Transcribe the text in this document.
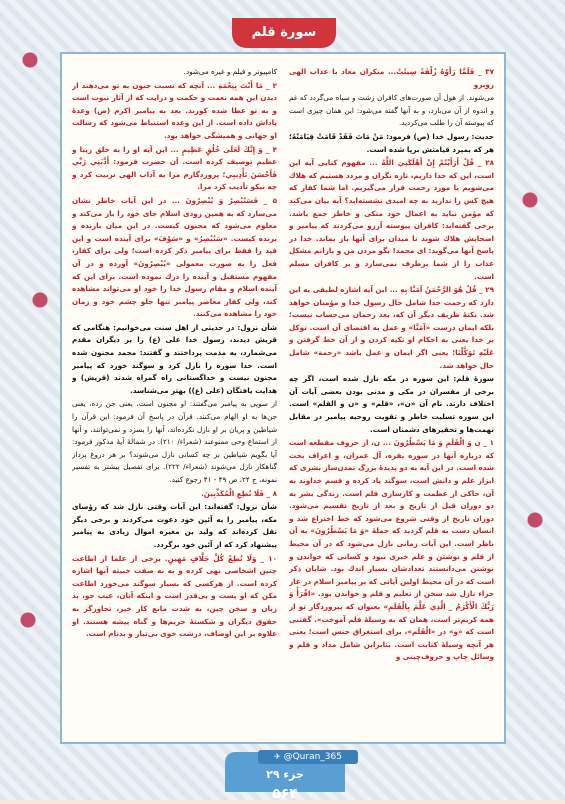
۳۷ _ فَلَمَّا رَأَوْهُ زُلْفَةً سِيئَتْ... منكران معاد با عذاب الهى روبرو

مى‌شوند. از هول آن صورت‌هاى كافران زشت و سياه مى‌گردد كه غم و اندوه از آن مى‌بارد، و به آنها گفته مى‌شود: اين همان چيزى است كه پيوسته آن را طلب مى‌كرديد.

حديث: رسول خدا (ص) فرمود: مَنْ مَاتَ فَقَدْ قَامَتْ قِيَامَتُهُ؛ هر كه بميرد قيامتش برپا شده است.

۲۸ _ قُلْ أَرَأَيْتُمْ إِنْ أَهْلَكَنِيَ اللَّهُ ... مفهوم كنايى آيه اين است، اين كه خدا داريم، تازه نگران و مردد هستيم كه هلاك مى‌شويم يا مورد رحمت قرار مى‌گيريم. اما شما كفار كه هيچ كس را نداريد به چه اميدى نشسته‌ايد؟ آيه بيان مى‌كند كه مؤمن نبايد به اعمال خود متكى و خاطر جمع باشد. برخى گفته‌اند: كافران پيوسته آرزو مى‌كردند كه پيامبر و اصحابش هلاك شوند تا ميدان براى آنها باز بماند. خدا در پاسخ آنها مى‌گويد: اى محمد! بگو مردن من و يارانم مشكل عذاب را از شما برطرف نمى‌سازد و بر كافران مسلم است.

۲۹ _ قُلْ هُوَ الرَّحْمَنُ آمَنَّا بِهِ ... اين آيه اشاره لطيفى به اين دارد كه رحمت خدا شامل حال رسول خدا و مؤمنان خواهد شد. نكتهٔ ظريف ديگر آن كه، بعد رحمان مى‌حساب نيست؛ بلكه ايمان درست «آمَنَّا» و عمل به اقتضاى آن است. توكل بر خدا يعنى به احكام او تكيه كردن و از آن خط گرفتن و عَلَيْهِ تَوَكَّلْنَا؛ يعنى اگر ايمان و عمل باشد «رحمة» شامل حال خواهد شد.

سورهٔ قلم: اين سوره در مكه نازل شده است، اگر چه برخى از مفسران در مكى و مدنى بودن بعضى آيات آن اختلاف دارند. نام آن «ن»، «قلم» و «ن و القلم» است. اين سوره تسليت خاطر و تقويت روحيه پيامبر در مقابل تهمت‌ها و تحقيرهاى دشمنان است.

۱ _ ن وَ الْقَلَمِ وَ مَا يَسْطُرُونَ ... ن، از حروف مقطعه است كه درباره آنها در سوره بقره، آل عمران، و اعراف بحث شده است. در اين آيه به دو پديدهٔ بزرگ تمدن‌ساز بشرى كه ابزار علم و دانش است، سوگند ياد كرده و قسم خداوند به آن، حاكى از عظمت و كارسازى قلم است. زندگى بشر به دو دوران قبل از تاريخ و بعد از تاريخ تقسيم مى‌شود. دوران تاريخ از وقتى شروع مى‌شود كه خط اختراع شد و انسان دست به قلم گرديد كه جملهٔ «وَ مَا يَسْطُرُونَ» به آن ناظر است. اين آيات زمانى نازل مى‌شود كه در آن محيط از قلم و نوشتن و علم خبرى نبود و كسانى كه خواندن و نوشتن مى‌دانستند تعدادشان بسيار اندك بود. شايان ذكر است كه در آن محيط اولين آياتى كه بر پيامبر اسلام در غار حراء نازل شد سخن از تعليم و قلم و خواندن بود. «اقْرَأْ وَ رَبُّكَ الْأَكْرَمُ _ الَّذِي عَلَّمَ بِالْقَلَمِ» يعنوان كه پيروردگار تو از همه كريم‌تر است، همان كه به وسيلهٔ قلم آموخت». گفتنى است كه «و» در «الْقَلَم»، براى استغراق جنس است؛ يعنى هر آنچه وسيلهٔ كتابت است. بنابراين شامل مداد و قلم و وسائل چاپ و حروف‌چينى و

كامپيوتر و فيلم و غيره مى‌شود.

۲ _ مَا أَنْتَ بِنِعْمَةِ ... آنچه كه نسبت جنون به تو مى‌دهند از ديدن اين همه نعمت و حكمت و درايت كه از آثار نبوت است و به تو عطا شده كورند. بعد به پيامبر اكرم (ص) وعدهٔ پاداش داده است. از اين وعده استنباط مى‌شود كه رسالت او جهانى و هميشگى خواهد بود.

۴ _ وَ إِنَّكَ لَعَلَى خُلُقٍ عَظِيمٍ ... اين آيه او را به خلق زيبا و عظيم توصيف كرده است. آن حضرت فرمود: أَدَّبَنِي رَبِّي فَأَحْسَنَ تَأْدِيبِي؛ پروردگارم مرا به آداب الهى تربيت كرد و چه نيكو تأديب كرد مرا.

۵ _ فَسَتُبْصِرُ وَ يُبْصِرُونَ ... در اين آيات خاطر نشان مى‌سازد كه به همين زودى اسلام جاى خود را باز مى‌كند و معلوم مى‌شود كه مجنون كيست. در اين ميان بازنده و برنده كيست. «سَتُبْصِرُ» و «سَوْفَ» براى آينده است و اين قيد را فقط براى پيامبر ذكر كرده است؛ ولى براى كفار، فعل را به صورت معمولى «يُبْصِرُونَ» آورده و در آن مفهوم مستقبل و آينده را درك نموده است. براى اين كه آينده اسلام و مقام رسول خدا را خود او مى‌تواند مشاهده كند، ولى كفار معاصر پيامبر تنها جلو چشم خود و زمان خود را مشاهده مى‌كنند.

شأن نزول: در حديثى از اهل سنت مى‌خوانيم: هنگامى كه قريش ديدند، رسول خدا على (ع) را بر ديگران مقدم مى‌شمارد، به مذمت پرداختند و گفتند: محمد مجنون شده است. خدا سوره را نازل كرد و سوگند خورد كه پيامبر مجنون نيست و خداگستانى راه گمراه شدند (قريش) و هدايت يافتگان (على (ع)) بهتر مى‌شناسد.

از سويى به پيامبر مى‌گفتند: او مجنون است، يعنى جن زده، يعنى جن‌ها به او الهام مى‌كنند. قرآن در پاسخ آن فرمود: اين قرآن را شياطين و پريان بر او نازل نكرده‌اند، آنها را بسزد و نمى‌توانند، و آنها از استماع وحى ممنوعند (شعراء/ ۲۱۰). در شمالهٔ آيهٔ مذكور فرمود: آيا بگويم شياطين بر چه كسانى نازل مى‌شوند؟ بر هر دروغ پرداز گناهكار نازل مى‌شوند (شعراء/ ۲۲۲). براى تفصيل بيشتر به تفسير نمونه، ج ۲۴، ص ۴۹ - ۴۱ رجوع كنيد.

۸ _ فَلَا تُطِعِ الْمُكَذِّبِينَ.

شأن نزول: گفته‌اند: اين آيات وقتى نازل شد كه رؤساى مكه، پيامبر را به آئين خود دعوت مى‌كردند و برخى ديگر نقل كرده‌اند كه وليد بن مغيره اموال زيادى به پيامبر پيشنهاد كرد كه از آئين خود برگردد.

۱۰ _ وَلَا تُطِعْ كُلَّ حَلَّافٍ مَهِينٍ. برخى از علما از اطاعت چنين اشخاصى نهى كرده و به نه صفت خبيثه آنها اشاره كرده است. از هركسى كه بسيار سوگند مى‌خورد اطاعت مكن كه او پست و بى‌قدر است و اينكه آنان، عيب جو، بد زبان و سخن چين، به شدت مانع كار خير، تجاوزگر به حقوق ديگران و شكستهٔ حريم‌ها و گناه پيشه هستند. او علاوه بر اين اوصاف، درشت خوى بى‌تبار و بدنام است.

سورة قلم
جزء ۲۹
۵۶۴
✈ @Quran_365
